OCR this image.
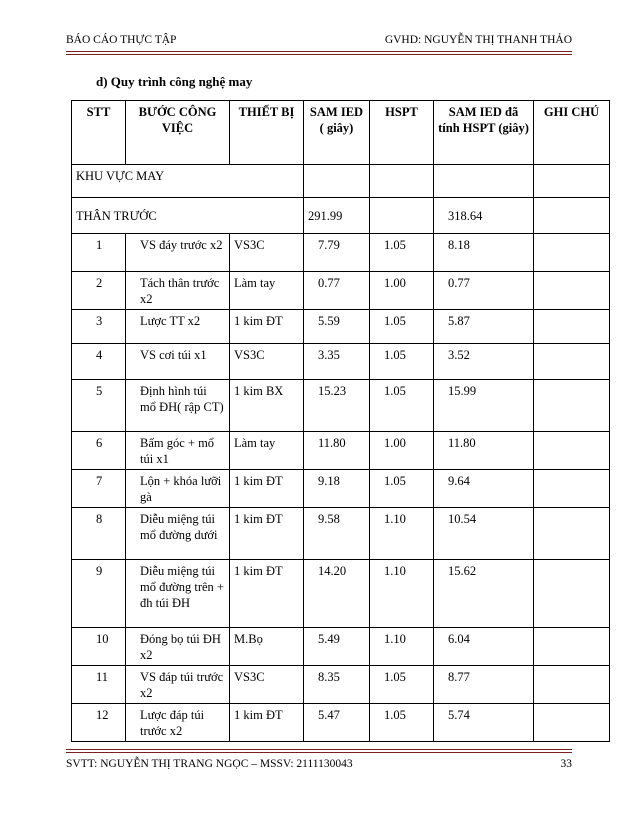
BÁO CÁO THỰC TẬP	GVHD: NGUYỄN THỊ THANH THẢO
d) Quy trình công nghệ may
STT	BƯỚC CÔNG VIỆC	THIẾT BỊ	SAM IED ( giây)	HSPT	SAM IED đã tính HSPT (giây)	GHI CHÚ
KHU VỰC MAY						
THÂN TRƯỚC			291.99		318.64	
1	VS đáy trước x2	VS3C	7.79	1.05	8.18	
2	Tách thân trước x2	Làm tay	0.77	1.00	0.77	
3	Lược TT x2	1 kim ĐT	5.59	1.05	5.87	
4	VS cơi túi x1	VS3C	3.35	1.05	3.52	
5	Định hình túi mổ ĐH( rập CT)	1 kim BX	15.23	1.05	15.99	
6	Bấm góc + mổ túi x1	Làm tay	11.80	1.00	11.80	
7	Lộn + khóa lưỡi gà	1 kim ĐT	9.18	1.05	9.64	
8	Diễu miệng túi mổ đường dưới	1 kim ĐT	9.58	1.10	10.54	
9	Diễu miệng túi mổ đường trên + đh túi ĐH	1 kim ĐT	14.20	1.10	15.62	
10	Đóng bọ túi ĐH x2	M.Bọ	5.49	1.10	6.04	
11	VS đáp túi trước x2	VS3C	8.35	1.05	8.77	
12	Lược đáp túi trước x2	1 kim ĐT	5.47	1.05	5.74	
SVTT: NGUYỄN THỊ TRANG NGỌC – MSSV: 2111130043	33
